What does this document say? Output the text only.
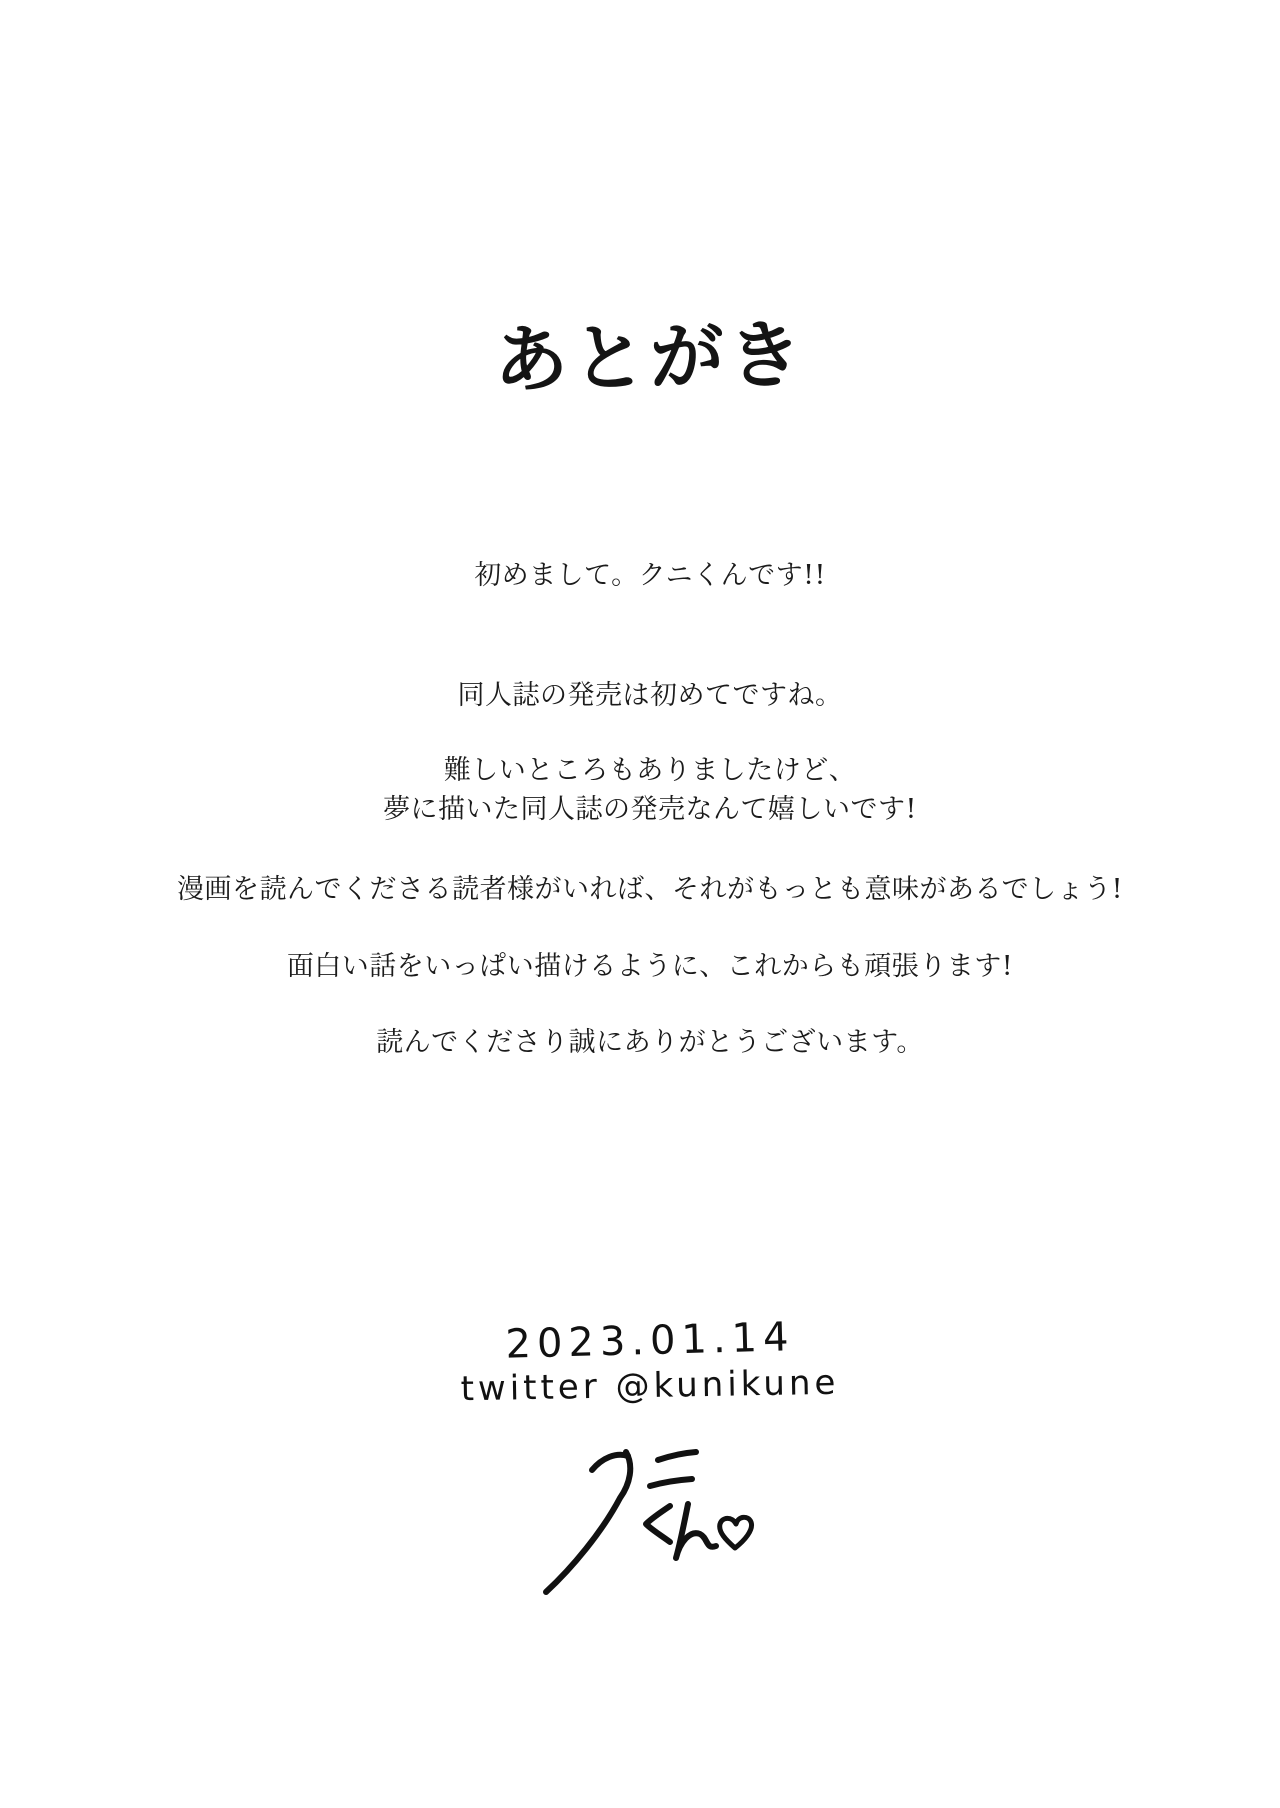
あとがき

初めまして。クニくんです!!

同人誌の発売は初めてですね。

難しいところもありましたけど、

夢に描いた同人誌の発売なんて嬉しいです!

漫画を読んでくださる読者様がいれば、それがもっとも意味があるでしょう!

面白い話をいっぱい描けるように、これからも頑張ります!

読んでくださり誠にありがとうございます。

2023.01.14

twitter @kunikune
